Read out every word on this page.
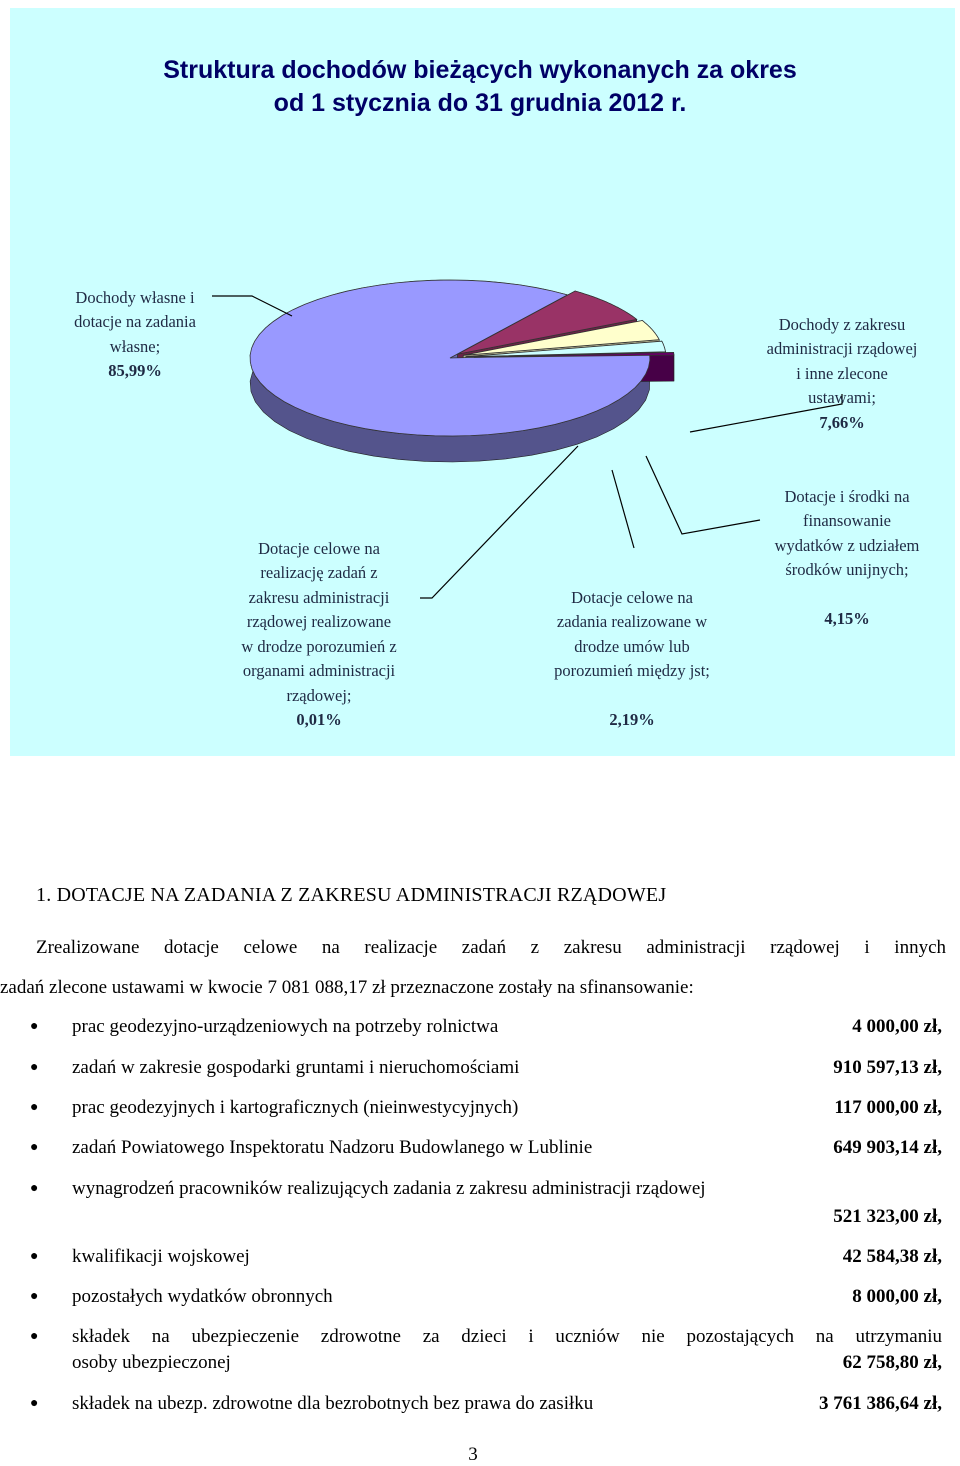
Struktura dochodów bieżących wykonanych za okres
od 1 stycznia do 31 grudnia 2012 r.

Dochody własne i
dotacje na zadania
własne;
85,99%

Dochody z zakresu
administracji rządowej
i inne zlecone
ustawami;
7,66%

Dotacje i środki na
finansowanie
wydatków z udziałem
środków unijnych;

4,15%

Dotacje celowe na
zadania realizowane w
drodze umów lub
porozumień między jst;

2,19%

Dotacje celowe na
realizację zadań z
zakresu administracji
rządowej realizowane
w drodze porozumień z
organami administracji
rządowej;
0,01%

1. DOTACJE NA ZADANIA Z ZAKRESU ADMINISTRACJI RZĄDOWEJ
Zrealizowane dotacje celowe na realizacje zadań z zakresu administracji rządowej i innych
zadań zlecone ustawami w kwocie 7 081 088,17 zł przeznaczone zostały na sfinansowanie:
● prac geodezyjno-urządzeniowych na potrzeby rolnictwa	4 000,00 zł,
● zadań w zakresie gospodarki gruntami i nieruchomościami	910 597,13 zł,
● prac geodezyjnych i kartograficznych (nieinwestycyjnych)	117 000,00 zł,
● zadań Powiatowego Inspektoratu Nadzoru Budowlanego w Lublinie	649 903,14 zł,
● wynagrodzeń pracowników realizujących zadania z zakresu administracji rządowej
521 323,00 zł,
● kwalifikacji wojskowej	42 584,38 zł,
● pozostałych wydatków obronnych	8 000,00 zł,
● składek na ubezpieczenie zdrowotne za dzieci i uczniów nie pozostających na utrzymaniu
osoby ubezpieczonej	62 758,80 zł,
● składek na ubezp. zdrowotne dla bezrobotnych bez prawa do zasiłku	3 761 386,64 zł,
3
